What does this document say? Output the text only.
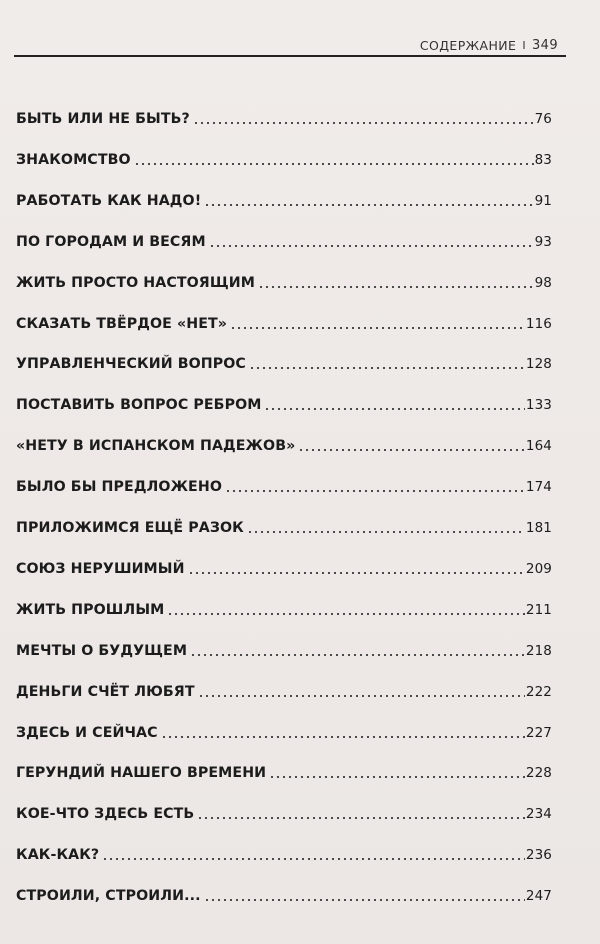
СОДЕРЖАНИЕ I 349
БЫТЬ ИЛИ НЕ БЫТЬ?	76
ЗНАКОМСТВО	83
РАБОТАТЬ КАК НАДО!	91
ПО ГОРОДАМ И ВЕСЯМ	93
ЖИТЬ ПРОСТО НАСТОЯЩИМ	98
СКАЗАТЬ ТВЁРДОЕ «НЕТ»	116
УПРАВЛЕНЧЕСКИЙ ВОПРОС	128
ПОСТАВИТЬ ВОПРОС РЕБРОМ	133
«НЕТУ В ИСПАНСКОМ ПАДЕЖОВ»	164
БЫЛО БЫ ПРЕДЛОЖЕНО	174
ПРИЛОЖИМСЯ ЕЩЁ РАЗОК	181
СОЮЗ НЕРУШИМЫЙ	209
ЖИТЬ ПРОШЛЫМ	211
МЕЧТЫ О БУДУЩЕМ	218
ДЕНЬГИ СЧЁТ ЛЮБЯТ	222
ЗДЕСЬ И СЕЙЧАС	227
ГЕРУНДИЙ НАШЕГО ВРЕМЕНИ	228
КОЕ-ЧТО ЗДЕСЬ ЕСТЬ	234
КАК-КАК?	236
СТРОИЛИ, СТРОИЛИ...	247
